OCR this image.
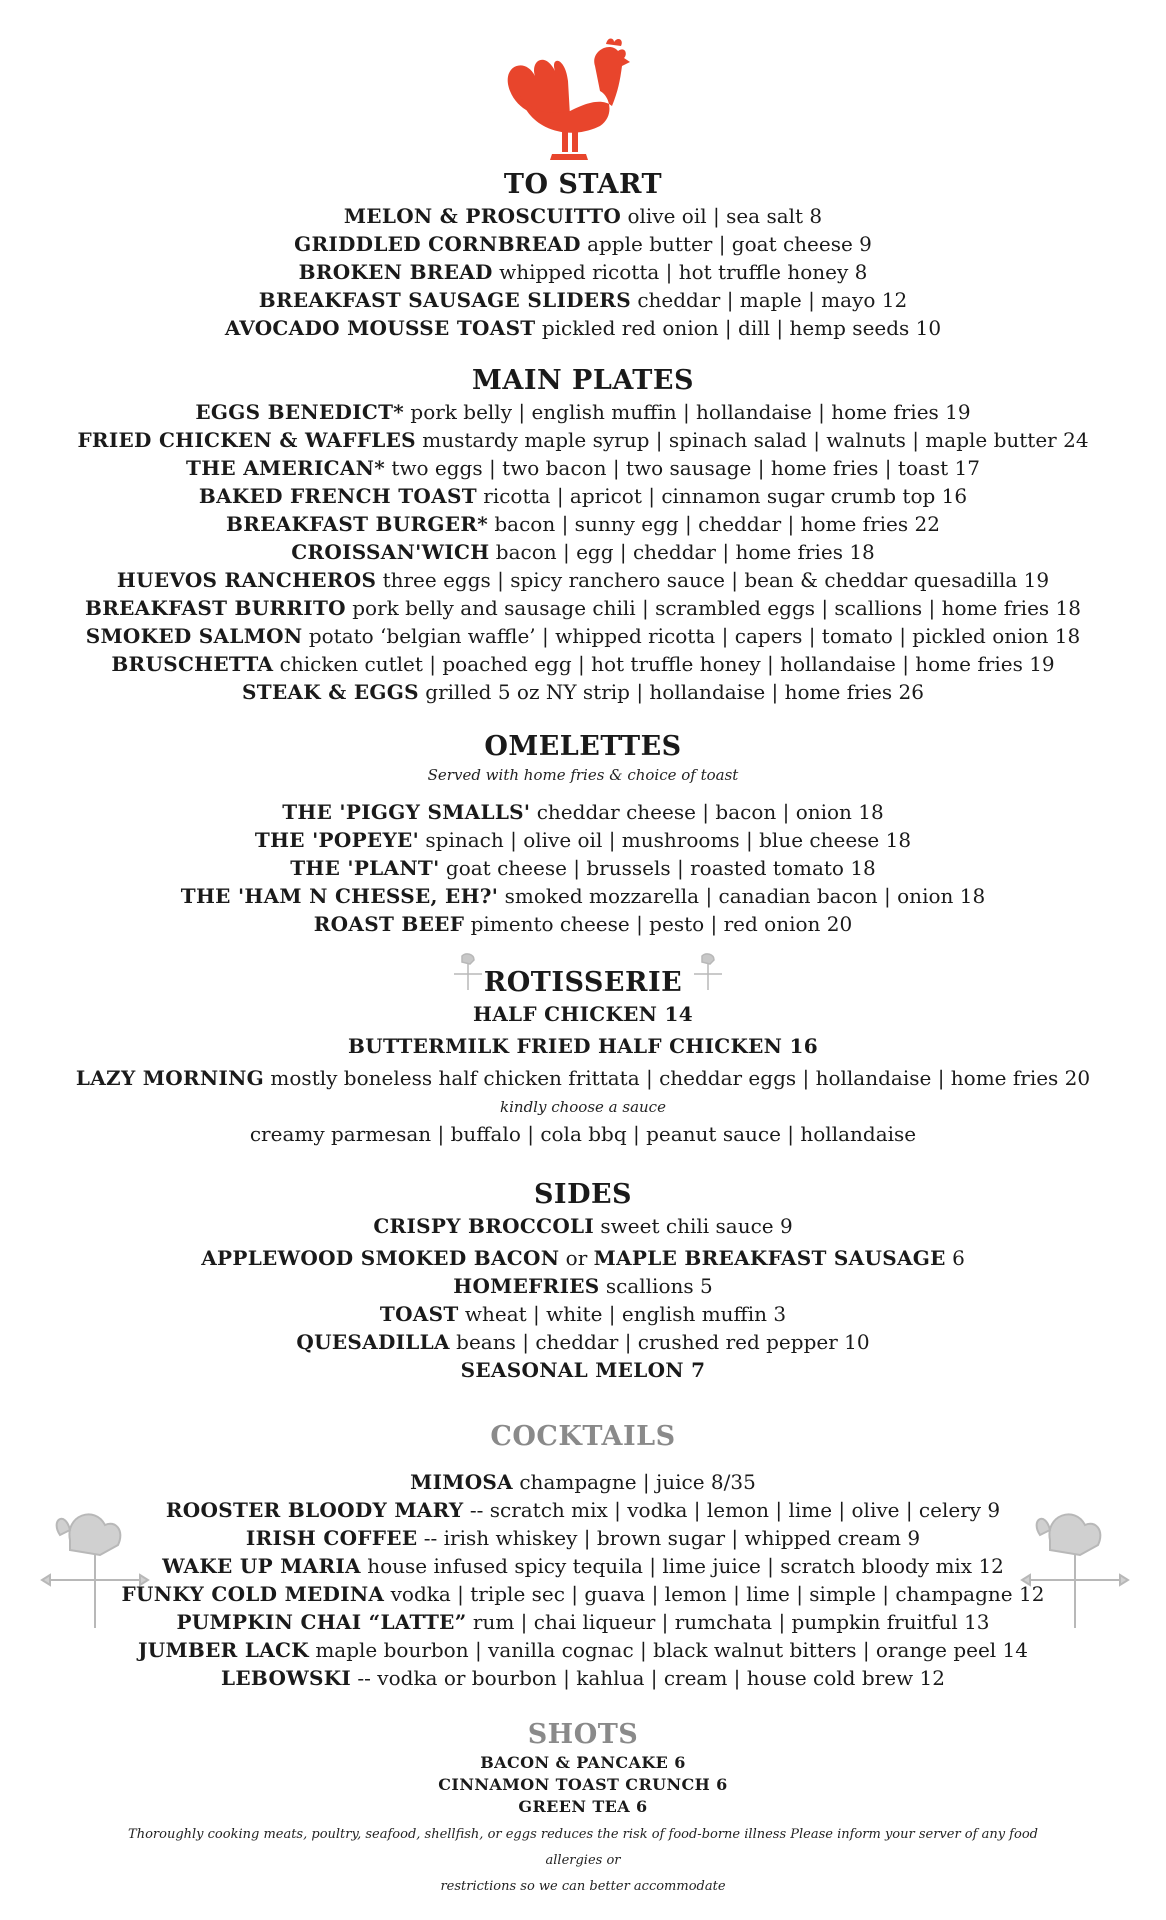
TO START
MELON & PROSCUITTO olive oil | sea salt 8
GRIDDLED CORNBREAD apple butter | goat cheese 9
BROKEN BREAD whipped ricotta | hot truffle honey 8
BREAKFAST SAUSAGE SLIDERS cheddar | maple | mayo 12
AVOCADO MOUSSE TOAST pickled red onion | dill | hemp seeds 10
MAIN PLATES
EGGS BENEDICT* pork belly | english muffin | hollandaise | home fries 19
FRIED CHICKEN & WAFFLES mustardy maple syrup | spinach salad | walnuts | maple butter 24
THE AMERICAN* two eggs | two bacon | two sausage | home fries | toast 17
BAKED FRENCH TOAST ricotta | apricot | cinnamon sugar crumb top 16
BREAKFAST BURGER* bacon | sunny egg | cheddar | home fries 22
CROISSAN'WICH bacon | egg | cheddar | home fries 18
HUEVOS RANCHEROS three eggs | spicy ranchero sauce | bean & cheddar quesadilla 19
BREAKFAST BURRITO pork belly and sausage chili | scrambled eggs | scallions | home fries 18
SMOKED SALMON potato ‘belgian waffle’ | whipped ricotta | capers | tomato | pickled onion 18
BRUSCHETTA chicken cutlet | poached egg | hot truffle honey | hollandaise | home fries 19
STEAK & EGGS grilled 5 oz NY strip | hollandaise | home fries 26
OMELETTES
Served with home fries & choice of toast
THE 'PIGGY SMALLS' cheddar cheese | bacon | onion 18
THE 'POPEYE' spinach | olive oil | mushrooms | blue cheese 18
THE 'PLANT' goat cheese | brussels | roasted tomato 18
THE 'HAM N CHESSE, EH?' smoked mozzarella | canadian bacon | onion 18
ROAST BEEF pimento cheese | pesto | red onion 20
ROTISSERIE
HALF CHICKEN 14
BUTTERMILK FRIED HALF CHICKEN 16
LAZY MORNING mostly boneless half chicken frittata | cheddar eggs | hollandaise | home fries 20
kindly choose a sauce
creamy parmesan | buffalo | cola bbq | peanut sauce | hollandaise
SIDES
CRISPY BROCCOLI sweet chili sauce 9
APPLEWOOD SMOKED BACON or MAPLE BREAKFAST SAUSAGE 6
HOMEFRIES scallions 5
TOAST wheat | white | english muffin 3
QUESADILLA beans | cheddar | crushed red pepper 10
SEASONAL MELON 7
COCKTAILS
MIMOSA champagne | juice 8/35
ROOSTER BLOODY MARY -- scratch mix | vodka | lemon | lime | olive | celery 9
IRISH COFFEE -- irish whiskey | brown sugar | whipped cream 9
WAKE UP MARIA house infused spicy tequila | lime juice | scratch bloody mix 12
FUNKY COLD MEDINA vodka | triple sec | guava | lemon | lime | simple | champagne 12
PUMPKIN CHAI “LATTE” rum | chai liqueur | rumchata | pumpkin fruitful 13
JUMBER LACK maple bourbon | vanilla cognac | black walnut bitters | orange peel 14
LEBOWSKI -- vodka or bourbon | kahlua | cream | house cold brew 12
SHOTS
BACON & PANCAKE 6
CINNAMON TOAST CRUNCH 6
GREEN TEA 6
Thoroughly cooking meats, poultry, seafood, shellfish, or eggs reduces the risk of food-borne illness Please inform your server of any food allergies or
restrictions so we can better accommodate
